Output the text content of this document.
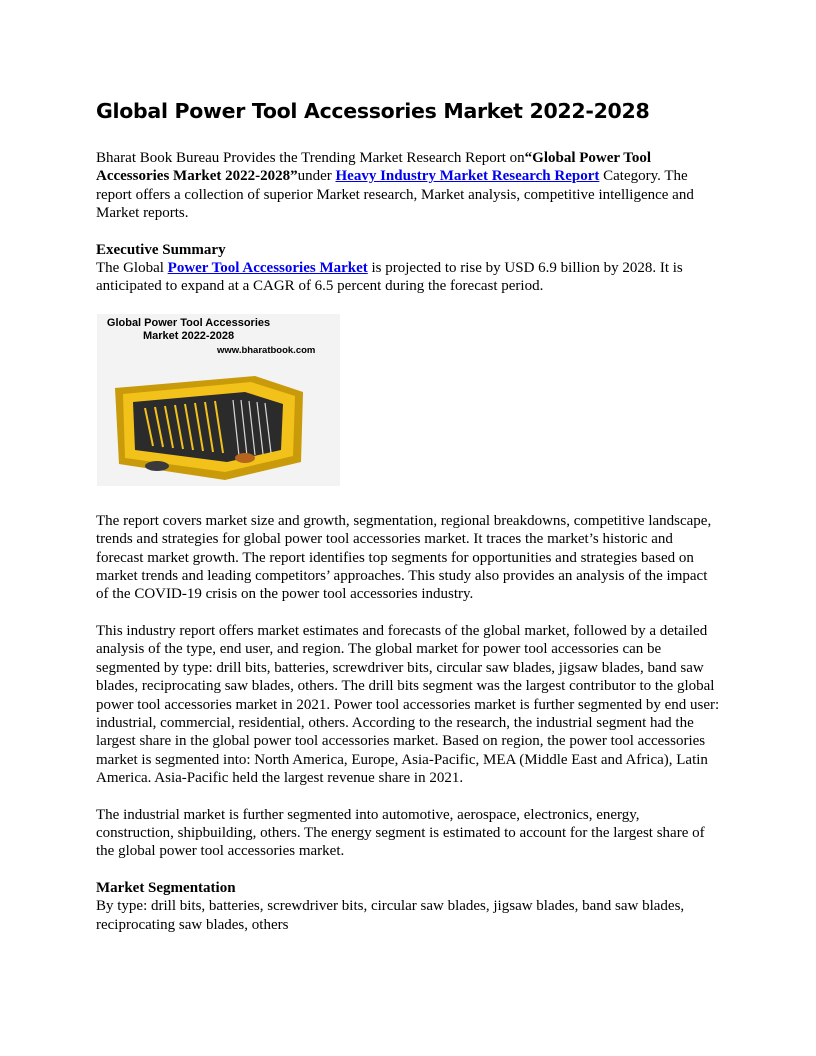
Global Power Tool Accessories Market 2022-2028

Bharat Book Bureau Provides the Trending Market Research Report on“Global Power Tool Accessories Market 2022-2028”under Heavy Industry Market Research Report Category. The report offers a collection of superior Market research, Market analysis, competitive intelligence and Market reports.

Executive Summary

The Global Power Tool Accessories Market is projected to rise by USD 6.9 billion by 2028. It is anticipated to expand at a CAGR of 6.5 percent during the forecast period.

Global Power Tool Accessories
Market 2022-2028
www.bharatbook.com

The report covers market size and growth, segmentation, regional breakdowns, competitive landscape, trends and strategies for global power tool accessories market. It traces the market’s historic and forecast market growth. The report identifies top segments for opportunities and strategies based on market trends and leading competitors’ approaches. This study also provides an analysis of the impact of the COVID-19 crisis on the power tool accessories industry.

This industry report offers market estimates and forecasts of the global market, followed by a detailed analysis of the type, end user, and region. The global market for power tool accessories can be segmented by type: drill bits, batteries, screwdriver bits, circular saw blades, jigsaw blades, band saw blades, reciprocating saw blades, others. The drill bits segment was the largest contributor to the global power tool accessories market in 2021. Power tool accessories market is further segmented by end user: industrial, commercial, residential, others. According to the research, the industrial segment had the largest share in the global power tool accessories market. Based on region, the power tool accessories market is segmented into: North America, Europe, Asia-Pacific, MEA (Middle East and Africa), Latin America. Asia-Pacific held the largest revenue share in 2021.

The industrial market is further segmented into automotive, aerospace, electronics, energy, construction, shipbuilding, others. The energy segment is estimated to account for the largest share of the global power tool accessories market.

Market Segmentation

By type: drill bits, batteries, screwdriver bits, circular saw blades, jigsaw blades, band saw blades, reciprocating saw blades, others
